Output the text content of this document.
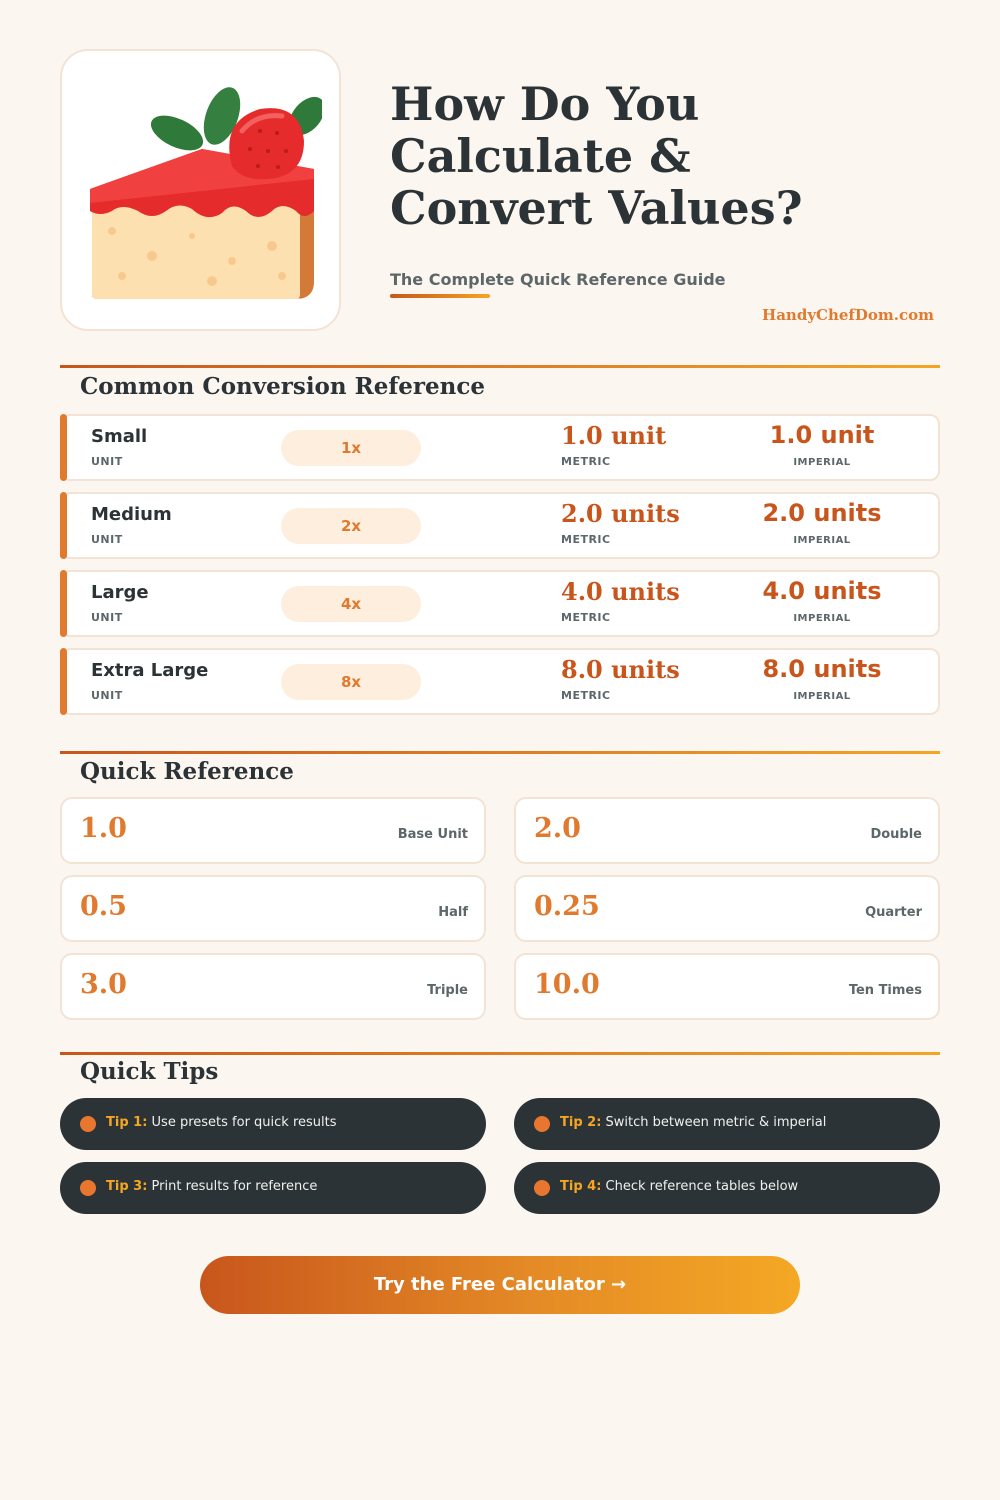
How Do You
Calculate &
Convert Values?
The Complete Quick Reference Guide
HandyChefDom.com
Common Conversion Reference
Small
UNIT
1x	1.0 unit
METRIC
1.0 unit
IMPERIAL
Medium
UNIT
2x	2.0 units
METRIC
2.0 units
IMPERIAL
Large
UNIT
4x	4.0 units
METRIC
4.0 units
IMPERIAL
Extra Large
UNIT
8x	8.0 units
METRIC
8.0 units
IMPERIAL
Quick Reference
1.0	Base Unit 2.0	Double
0.5	Half 0.25	Quarter
3.0	Triple 10.0	Ten Times
Quick Tips
Tip 1: Use presets for quick results	Tip 2: Switch between metric & imperial
Tip 3: Print results for reference	Tip 4: Check reference tables below
Try the Free Calculator →
